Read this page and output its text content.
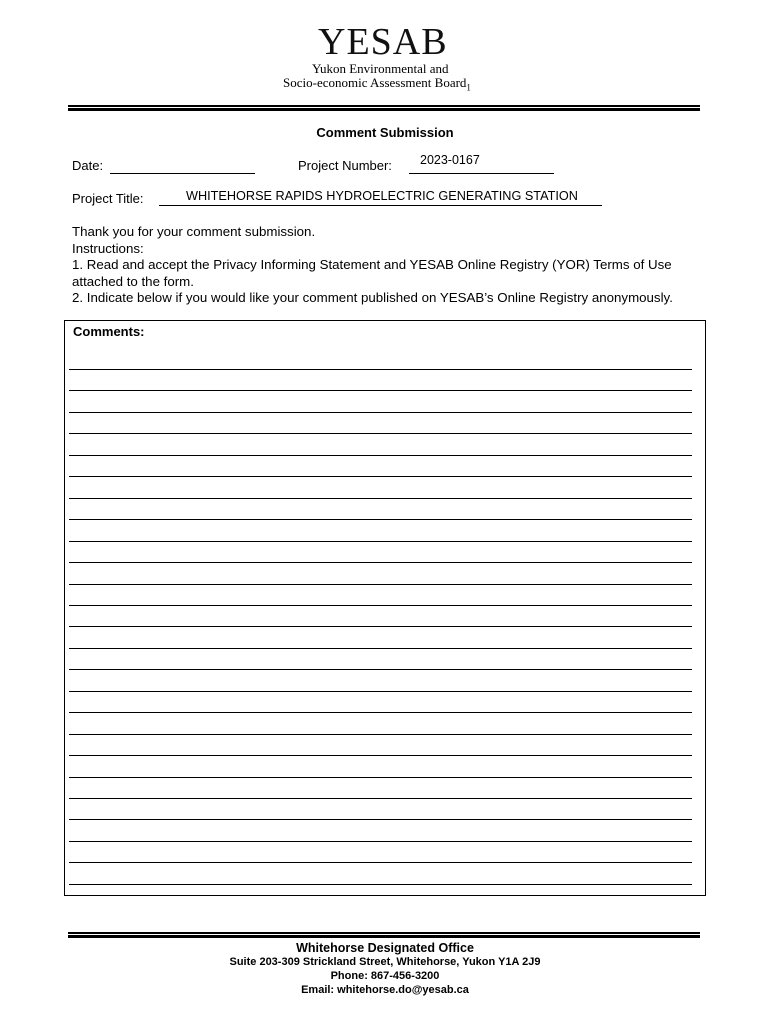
YESAB
Yukon Environmental and
Socio-economic Assessment Board$_1$
Comment Submission
Date:	Project Number: 2023-0167
Project Title:	WHITEHORSE RAPIDS HYDROELECTRIC GENERATING STATION
Thank you for your comment submission.
Instructions:
1. Read and accept the Privacy Informing Statement and YESAB Online Registry (YOR) Terms of Use
attached to the form.
2. Indicate below if you would like your comment published on YESAB’s Online Registry anonymously.
Comments:
Whitehorse Designated Office
Suite 203-309 Strickland Street, Whitehorse, Yukon Y1A 2J9
Phone: 867-456-3200
Email: whitehorse.do@yesab.ca
